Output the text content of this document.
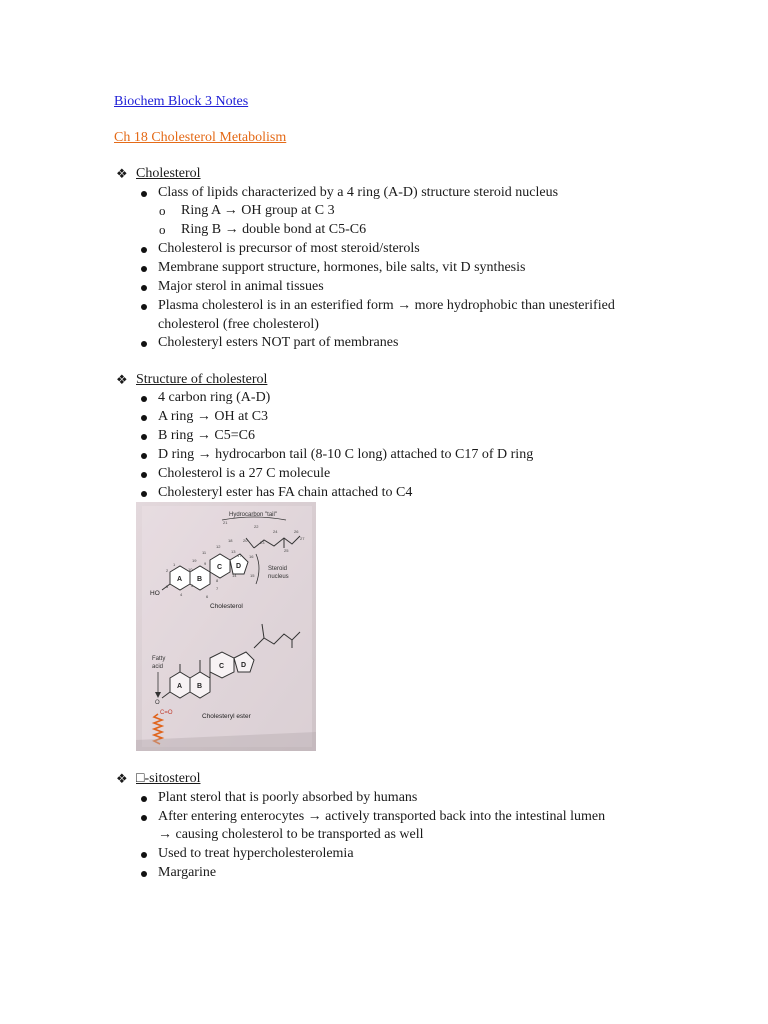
Biochem Block 3 Notes
Ch 18 Cholesterol Metabolism
❖ Cholesterol
Class of lipids characterized by a 4 ring (A-D) structure steroid nucleus
o Ring A → OH group at C 3
o Ring B → double bond at C5-C6
Cholesterol is precursor of most steroid/sterols
Membrane support structure, hormones, bile salts, vit D synthesis
Major sterol in animal tissues
Plasma cholesterol is in an esterified form → more hydrophobic than unesterified
cholesterol (free cholesterol)
Cholesteryl esters NOT part of membranes
❖ Structure of cholesterol
4 carbon ring (A-D)
A ring → OH at C3
B ring → C5=C6
D ring → hydrocarbon tail (8-10 C long) attached to C17 of D ring
Cholesterol is a 27 C molecule
Cholesteryl ester has FA chain attached to C4
Hydrocarbon "tail"
A B
C D
HO
21
22
24	26
27
25
23
20
18
12
11	13
17 16
19
9
14	15
1
10
8
2
5
7
3
4	6
Steroid
nucleus
Cholesterol
A B
C D
Fatty
acid
O
C=O	Cholesteryl ester
❖ □-sitosterol
Plant sterol that is poorly absorbed by humans
After entering enterocytes → actively transported back into the intestinal lumen
→ causing cholesterol to be transported as well
Used to treat hypercholesterolemia
Margarine
